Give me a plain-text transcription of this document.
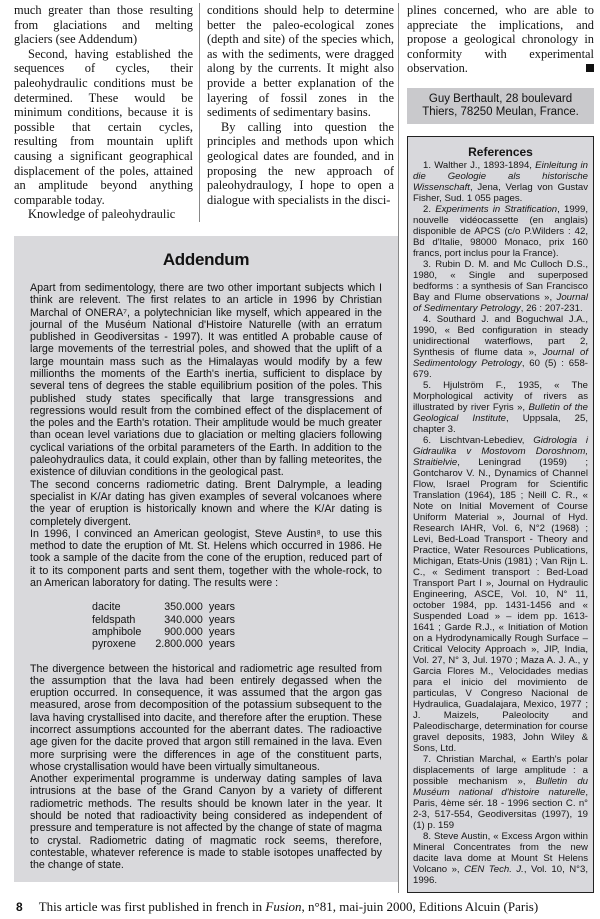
much greater than those resulting from glaciations and melting glaciers (see Addendum)

Second, having established the sequences of cycles, their paleohydraulic conditions must be determined. These would be minimum conditions, because it is possible that certain cycles, resulting from mountain uplift causing a significant geographical displacement of the poles, attained an amplitude beyond anything comparable today.

Knowledge of paleohydraulic

conditions should help to determine better the paleo-ecological zones (depth and site) of the species which, as with the sediments, were dragged along by the currents. It might also provide a better explanation of the layering of fossil zones in the sediments of sedimentary basins.

By calling into question the principles and methods upon which geological dates are founded, and in proposing the new approach of paleohydraulogy, I hope to open a dialogue with specialists in the disci-

Addendum

Apart from sedimentology, there are two other important subjects which I think are relevent. The first relates to an article in 1996 by Christian Marchal of ONERA⁷, a polytechnician like myself, which appeared in the journal of the Muséum National d'Histoire Naturelle (with an erratum published in Geodiversitas - 1997). It was entitled A probable cause of large movements of the terrestrial poles, and showed that the uplift of a large mountain mass such as the Himalayas would modify by a few millionths the moments of the Earth's inertia, sufficient to displace by several tens of degrees the stable equilibrium position of the poles. This published study states specifically that large transgressions and regressions would result from the combined effect of the displacement of the poles and the Earth's rotation. Their amplitude would be much greater than ocean level variations due to glaciation or melting glaciers following cyclical variations of the orbital parameters of the Earth. In addition to the paleohydraulics data, it could explain, other than by falling meteorites, the existence of diluvian conditions in the geological past.

The second concerns radiometric dating. Brent Dalrymple, a leading specialist in K/Ar dating has given examples of several volcanoes where the year of eruption is historically known and where the K/Ar dating is completely divergent.

In 1996, I convinced an American geologist, Steve Austin⁸, to use this method to date the eruption of Mt. St. Helens which occurred in 1986. He took a sample of the dacite from the cone of the eruption, reduced part of it to its component parts and sent them, together with the whole-rock, to an American laboratory for dating. The results were :

dacite	350.000	years
feldspath	340.000	years
amphibole	900.000	years
pyroxene	2.800.000	years

The divergence between the historical and radiometric age resulted from the assumption that the lava had been entirely degassed when the eruption occurred. In consequence, it was assumed that the argon gas measured, arose from decomposition of the potassium subsequent to the lava having crystallised into dacite, and therefore after the eruption. These incorrect assumptions accounted for the aberrant dates. The radioactive age given for the dacite proved that argon still remained in the lava. Even more surprising were the differences in age of the constituent parts, whose crystallisation would have been virtually simultaneous.

Another experimental programme is underway dating samples of lava intrusions at the base of the Grand Canyon by a variety of different radiometric methods. The results should be known later in the year. It should be noted that radioactivity being considered as independent of pressure and temperature is not affected by the change of state of magma to crystal. Radiometric dating of magmatic rock seems, therefore, contestable, whatever reference is made to stable isotopes unaffected by the change of state.

plines concerned, who are able to appreciate the implications, and propose a geological chronology in conformity with experimental observation.

Guy Berthault, 28 boulevard
Thiers, 78250 Meulan, France.
References

1. Walther J., 1893-1894, Einleitung in die Geologie als historische Wissenschaft, Jena, Verlag von Gustav Fisher, Sud. 1 055 pages.

2. Experiments in Stratification, 1999, nouvelle vidéocassette (en anglais) disponible de APCS (c/o P.Wilders : 42, Bd d'Italie, 98000 Monaco, prix 160 francs, port inclus pour la France).

3. Rubin D. M. and Mc Culloch D.S., 1980, « Single and superposed bedforms : a synthesis of San Francisco Bay and Flume observations », Journal of Sedimentary Petrology, 26 : 207-231.

4. Southard J. and Boguchwal J.A., 1990, « Bed configuration in steady unidirectional waterflows, part 2, Synthesis of flume data », Journal of Sedimentology Petrology, 60 (5) : 658-679.

5. Hjulström F., 1935, « The Morphological activity of rivers as illustrated by river Fyris », Bulletin of the Geological Institute, Uppsala, 25, chapter 3.

6. Lischtvan-Lebediev, Gidrologia i Gidraulika v Mostovom Doroshnom, Straitielvie, Leningrad (1959) ; Gontcharov V. N., Dynamics of Channel Flow, Israel Program for Scientific Translation (1964), 185 ; Neill C. R., « Note on Initial Movement of Course Uniform Material », Journal of Hyd. Research IAHR, Vol. 6, N°2 (1968) ; Levi, Bed-Load Transport - Theory and Practice, Water Resources Publications, Michigan, Etats-Unis (1981) ; Van Rijn L. C., « Sediment transport : Bed-Load Transport Part I », Journal on Hydraulic Engineering, ASCE, Vol. 10, N° 11, october 1984, pp. 1431-1456 and « Suspended Load » – idem pp. 1613-1641 ; Garde R.J., « Initiation of Motion on a Hydrodynamically Rough Surface – Critical Velocity Approach », JIP, India, Vol. 27, N° 3, Jul. 1970 ; Maza A. J. A., y Garcia Flores M., Velocidades medias para el inicio del movimiento de particulas, V Congreso Nacional de Hydraulica, Guadalajara, Mexico, 1977 ; J. Maizels, Paleolocity and Paleodischarge, determination for course gravel deposits, 1983, John Wiley & Sons, Ltd.

7. Christian Marchal, « Earth's polar displacements of large amplitude : a possible mechanism », Bulletin du Muséum national d'histoire naturelle, Paris, 4ème sér. 18 - 1996 section C. n° 2-3, 517-554, Geodiversitas (1997), 19 (1) p. 159

8. Steve Austin, « Excess Argon within Mineral Concentrates from the new dacite lava dome at Mount St Helens Volcano », CEN Tech. J., Vol. 10, N°3, 1996.

8 This article was first published in french in Fusion, n°81, mai-juin 2000, Editions Alcuin (Paris)
